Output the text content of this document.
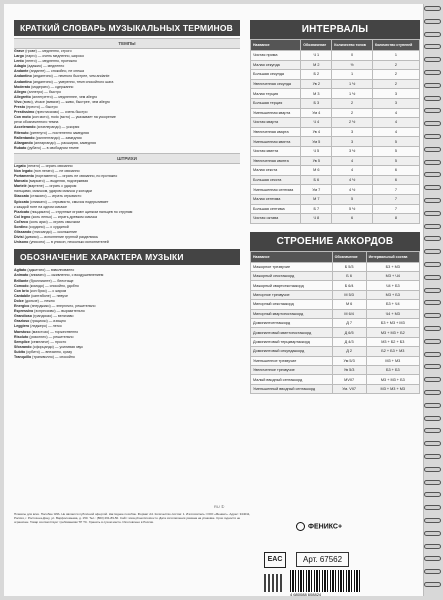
КРАТКИЙ СЛОВАРЬ МУЗЫКАЛЬНЫХ ТЕРМИНОВ
ТЕМПЫ
Grave (граве) — медленно, строго
Largo (ларго) — очень медленно, широко
Lento (ленто) — медленно, протяжно
Adagio (адажио) — медленно
Andante (анданте) — спокойно, не спеша
Andantino (андантино) — немного быстрее, чем andante
Andantino (андантино) — умеренно, темп спокойного шага
Moderato (модерато) — сдержанно
Allegro (аллегро) — быстро
Allegretto (аллегретто) — медленнее, чем allegro
Vivo (виво), vivace (виваче) — живо, быстрее, чем allegro
Presto (престо) — быстро
Prestissimo (престиссимо) — очень быстро
Con moto (кон мото), moto (мото) — указывает на ускорение
речи обозначенного темпа
Accelerando (аччелерандо) — ускоряя
Ritenuto (ритенуто) — постепенно замедляя
Rallentando (раллентандо) — замедляя
Allargando (алларгандо) — расширяя, замедляя
Rubato (рубато) — в свободном темпе
ШТРИХИ
Legato (легато) — играть связанно
Non legato (нон легато) — не связанно
Portamento (портаменто) — играть не связанно, по протяжно
Marcato (маркато) — выделяя, подчеркивая
Martelé (мартеле) — играть с ударом
пальцами, смычком, ударом смычка у колодки
Staccato (стаккато) — играть отрывисто
Spiccato (спиккато) — отрывисто, смычок подпрыгивает
к каждой ноте на одном смычке
Pizzicato (пиццикато) — струнные играют щипком пальцев по струнам
Col legno (коль леньо) — играть древком смычка
Col'arco (коль арко) — играть смычком
Sordino (сордино) — с сурдиной
Glissando (глиссандо) — скольжение
Divisi (дивизи) — исполнение группой разделяясь
Unisono (унисоно) — в унисон, несколько исполнителей
ОБОЗНАЧЕНИЕ ХАРАКТЕРА МУЗЫКИ
Agitato (аджитато) — взволнованно
Animato (анимато) — оживленно, с воодушевлением
Brillante (бриллианте) — блестяще
Comodo (комодо) — спокойно, удобно
Con brio (кон брио) — с жаром
Cantabile (кантабиле) — певуче
Dolce (дольче) — нежно
Energico (энерджико) — энергично, решительно
Espressivo (эспрессиво) — выразительно
Grandioso (грандиозо) — величаво
Grazioso (грациозо) — изящно
Leggiero (леджеро) — легко
Maestoso (маэстозо) — торжественно
Risoluto (ризолюто) — решительно
Semplice (семпличе) — просто
Sforzando (сфорцандо) — усиливая звук
Subito (субито) — внезапно, сразу
Tranquillo (транквилло) — спокойно
ИНТЕРВАЛЫ
Название	Обозначение	Количество тонов	Количество ступеней
Чистая прима	Ч 1	0	1
Малая секунда	М 2	½	2
Большая секунда	Б 2	1	2
Увеличенная секунда	Ув 2	1 ½	2
Малая терция	М 3	1 ½	3
Большая терция	Б 3	2	3
Уменьшенная кварта	Ум 4	2	4
Чистая кварта	Ч 4	2 ½	4
Увеличенная кварта	Ув 4	3	4
Уменьшенная квинта	Ум 5	3	5
Чистая квинта	Ч 5	3 ½	5
Увеличенная квинта	Ув 5	4	5
Малая секста	М 6	4	6
Большая секста	Б 6	4 ½	6
Уменьшенная септима	Ум 7	4 ½	7
Малая септима	М 7	5	7
Большая септима	Б 7	5 ½	7
Чистая октава	Ч 8	6	8
СТРОЕНИЕ АККОРДОВ
Название	Обозначение	Интервальный состав
Мажорное трезвучие	Б 5/3	Б3 + М3
Мажорный секстаккорд	Б 6	М3 + Ч4
Мажорный квартсекстаккорд	Б 6/4	Ч4 + Б3
Минорное трезвучие	М 5/3	М3 + Б3
Минорный секстаккорд	М 6	Б3 + Ч4
Минорный квартсекстаккорд	М 6/4	Ч4 + М3
Доминантсептаккорд	Д 7	Б3 + М3 + М3
Доминантовый квинтсекстаккорд	Д 6/5	М3 + М3 + Б2
Доминантовый терцквартаккорд	Д 4/3	М3 + Б2 + Б3
Доминантовый секундаккорд	Д 2	Б2 + Б3 + М3
Уменьшенное трезвучие	Ум 5/3	М3 + М3
Увеличенное трезвучие	Ув 5/3	Б3 + Б3
Малый вводный септаккорд	МVII7	М3 + М3 + Б3
Уменьшенный вводный септаккорд	Ум. VII7	М3 + М3 + М3
RU ①
Плакаты для всех. Пособие ЭЛА. Не является публичной офертой. Наглядное пособие. Формат А4. Количество листов: 1. Изготовитель: ООО «Феникс». Адрес: 344011, Россия, г. Ростов-на-Дону, ул. Варфоломеева, д. 150. Тел.: (863) 261-89-50. Сайт: www.phoenixrostov.ru. Дата изготовления указана на упаковке. Срок годности не ограничен. Товар соответствует требованиям ТР ТС. Хранить в сухом месте. Изготовлено в России.
ФЕНИКС+
EAC	Арт. 67562
4 680088 608824
